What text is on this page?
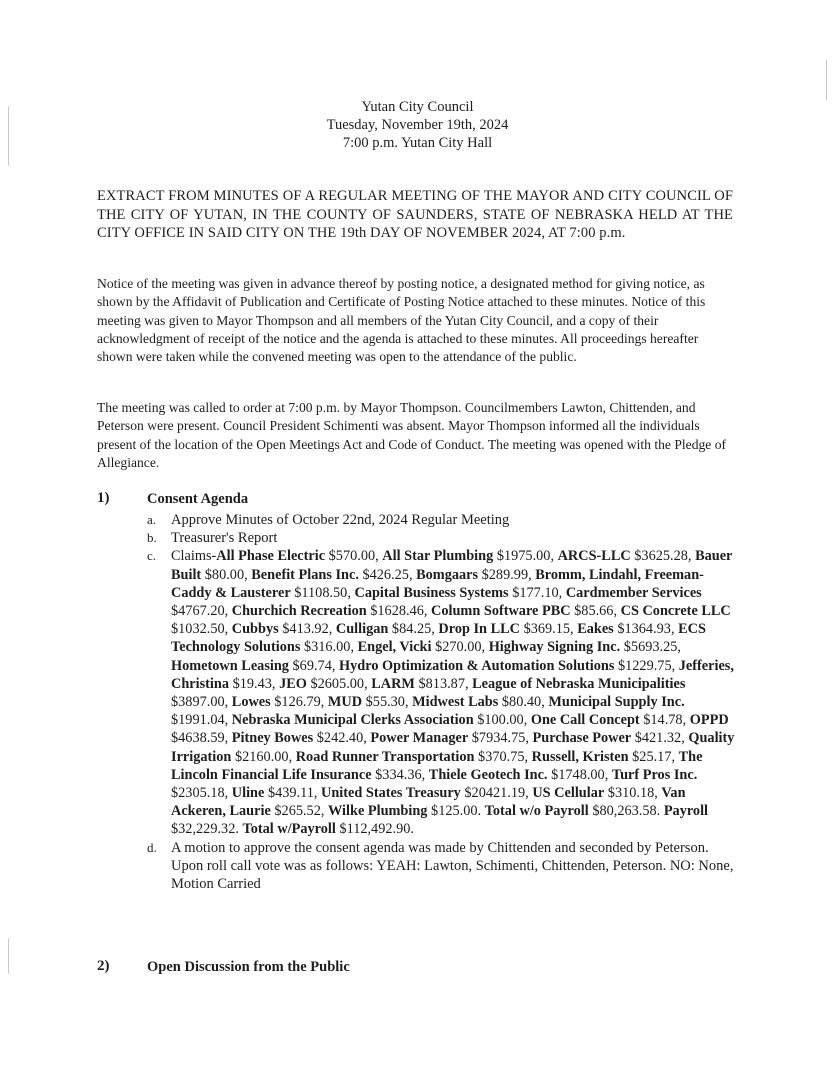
Yutan City Council
Tuesday, November 19th, 2024
7:00 p.m. Yutan City Hall
EXTRACT FROM MINUTES OF A REGULAR MEETING OF THE MAYOR AND CITY COUNCIL OF THE CITY OF YUTAN, IN THE COUNTY OF SAUNDERS, STATE OF NEBRASKA HELD AT THE CITY OFFICE IN SAID CITY ON THE 19th DAY OF NOVEMBER 2024, AT 7:00 p.m.
Notice of the meeting was given in advance thereof by posting notice, a designated method for giving notice, as shown by the Affidavit of Publication and Certificate of Posting Notice attached to these minutes. Notice of this meeting was given to Mayor Thompson and all members of the Yutan City Council, and a copy of their acknowledgment of receipt of the notice and the agenda is attached to these minutes. All proceedings hereafter shown were taken while the convened meeting was open to the attendance of the public.
The meeting was called to order at 7:00 p.m. by Mayor Thompson. Councilmembers Lawton, Chittenden, and Peterson were present. Council President Schimenti was absent. Mayor Thompson informed all the individuals present of the location of the Open Meetings Act and Code of Conduct. The meeting was opened with the Pledge of Allegiance.
1)	Consent Agenda
a.	Approve Minutes of October 22nd, 2024 Regular Meeting
b. Treasurer's Report
c.	Claims-All Phase Electric $570.00, All Star Plumbing $1975.00, ARCS-LLC $3625.28, Bauer Built $80.00, Benefit Plans Inc. $426.25, Bomgaars $289.99, Bromm, Lindahl, Freeman-Caddy & Lausterer $1108.50, Capital Business Systems $177.10, Cardmember Services $4767.20, Churchich Recreation $1628.46, Column Software PBC $85.66, CS Concrete LLC $1032.50, Cubbys $413.92, Culligan $84.25, Drop In LLC $369.15, Eakes $1364.93, ECS Technology Solutions $316.00, Engel, Vicki $270.00, Highway Signing Inc. $5693.25, Hometown Leasing $69.74, Hydro Optimization & Automation Solutions $1229.75, Jefferies, Christina $19.43, JEO $2605.00, LARM $813.87, League of Nebraska Municipalities $3897.00, Lowes $126.79, MUD $55.30, Midwest Labs $80.40, Municipal Supply Inc. $1991.04, Nebraska Municipal Clerks Association $100.00, One Call Concept $14.78, OPPD $4638.59, Pitney Bowes $242.40, Power Manager $7934.75, Purchase Power $421.32, Quality Irrigation $2160.00, Road Runner Transportation $370.75, Russell, Kristen $25.17, The Lincoln Financial Life Insurance $334.36, Thiele Geotech Inc. $1748.00, Turf Pros Inc. $2305.18, Uline $439.11, United States Treasury $20421.19, US Cellular $310.18, Van Ackeren, Laurie $265.52, Wilke Plumbing $125.00. Total w/o Payroll $80,263.58. Payroll $32,229.32. Total w/Payroll $112,492.90.
d. A motion to approve the consent agenda was made by Chittenden and seconded by Peterson. Upon roll call vote was as follows: YEAH: Lawton, Schimenti, Chittenden, Peterson. NO: None, Motion Carried
2)	Open Discussion from the Public
